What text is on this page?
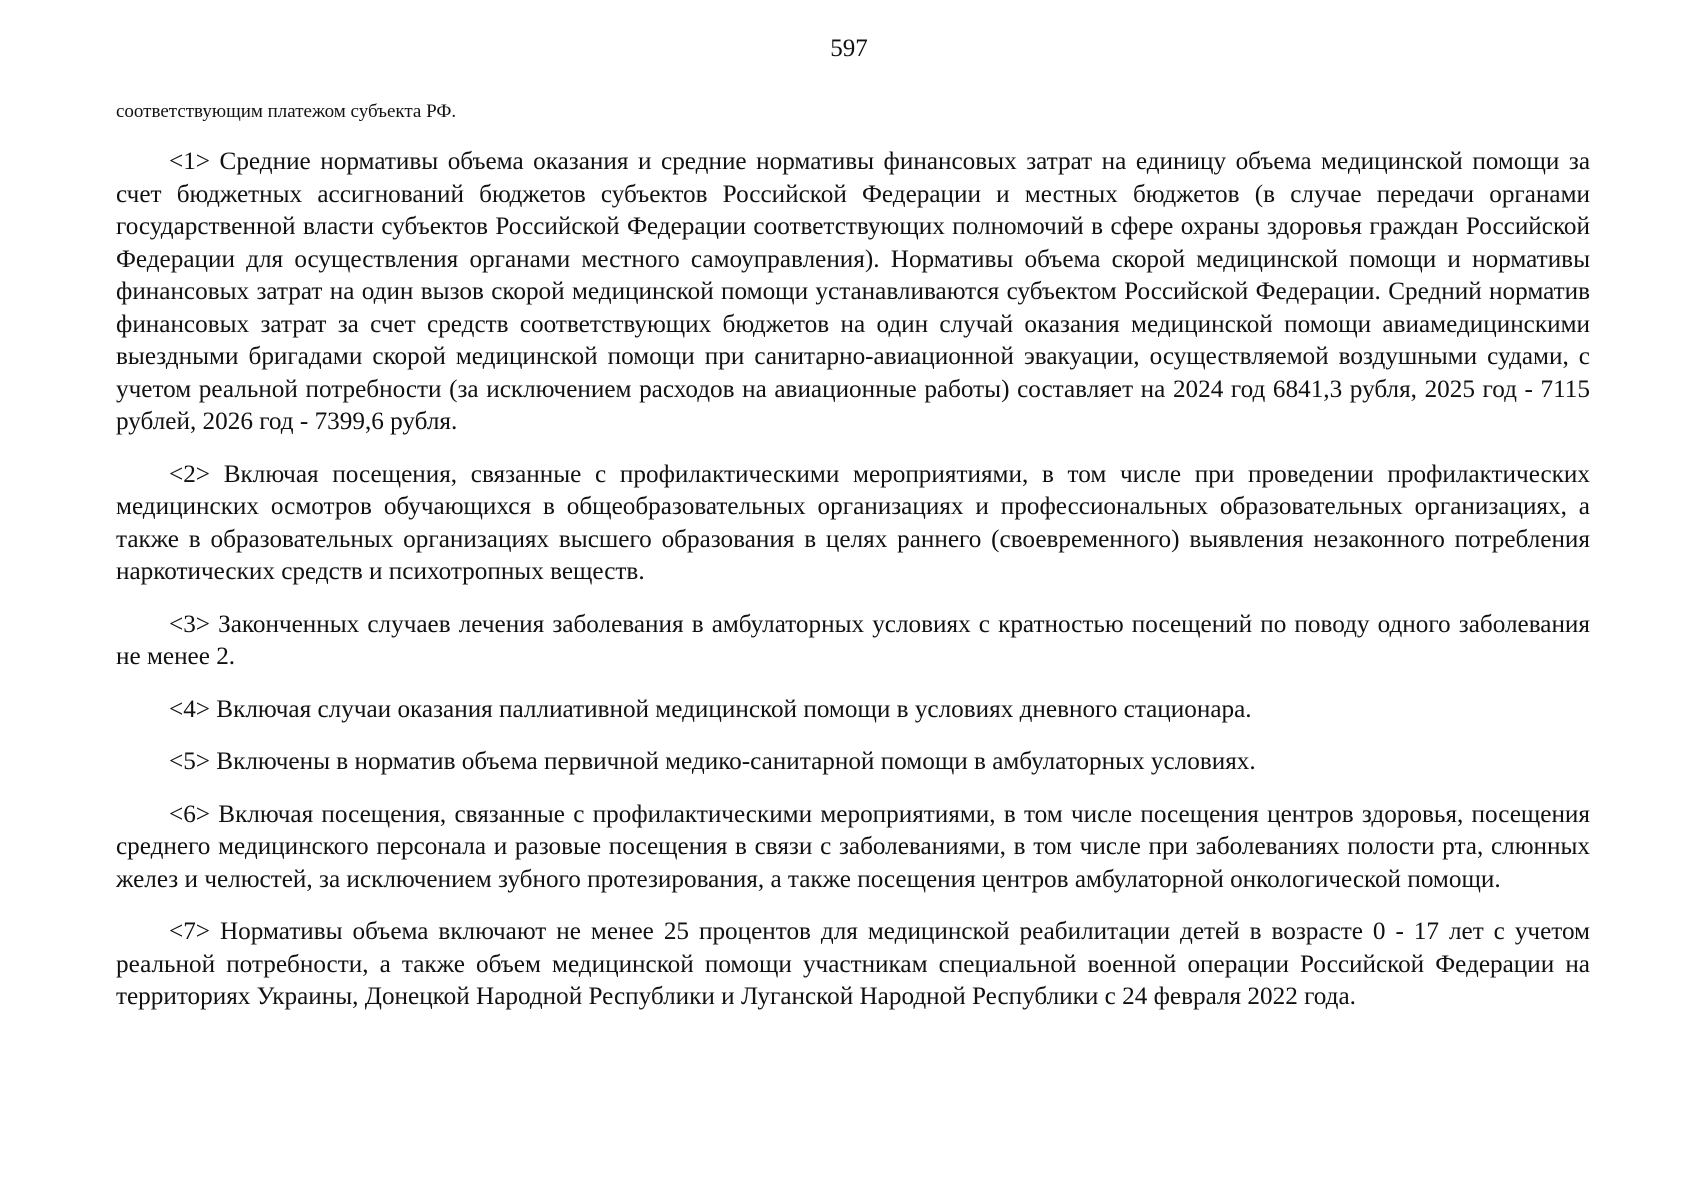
597

соответствующим платежом субъекта РФ.

<1> Средние нормативы объема оказания и средние нормативы финансовых затрат на единицу объема медицинской помощи за счет бюджетных ассигнований бюджетов субъектов Российской Федерации и местных бюджетов (в случае передачи органами государственной власти субъектов Российской Федерации соответствующих полномочий в сфере охраны здоровья граждан Российской Федерации для осуществления органами местного самоуправления). Нормативы объема скорой медицинской помощи и нормативы финансовых затрат на один вызов скорой медицинской помощи устанавливаются субъектом Российской Федерации. Средний норматив финансовых затрат за счет средств соответствующих бюджетов на один случай оказания медицинской помощи авиамедицинскими выездными бригадами скорой медицинской помощи при санитарно-авиационной эвакуации, осуществляемой воздушными судами, с учетом реальной потребности (за исключением расходов на авиационные работы) составляет на 2024 год 6841,3 рубля, 2025 год - 7115 рублей, 2026 год - 7399,6 рубля.

<2> Включая посещения, связанные с профилактическими мероприятиями, в том числе при проведении профилактических медицинских осмотров обучающихся в общеобразовательных организациях и профессиональных образовательных организациях, а также в образовательных организациях высшего образования в целях раннего (своевременного) выявления незаконного потребления наркотических средств и психотропных веществ.

<3> Законченных случаев лечения заболевания в амбулаторных условиях с кратностью посещений по поводу одного заболевания не менее 2.

<4> Включая случаи оказания паллиативной медицинской помощи в условиях дневного стационара.

<5> Включены в норматив объема первичной медико-санитарной помощи в амбулаторных условиях.

<6> Включая посещения, связанные с профилактическими мероприятиями, в том числе посещения центров здоровья, посещения среднего медицинского персонала и разовые посещения в связи с заболеваниями, в том числе при заболеваниях полости рта, слюнных желез и челюстей, за исключением зубного протезирования, а также посещения центров амбулаторной онкологической помощи.

<7> Нормативы объема включают не менее 25 процентов для медицинской реабилитации детей в возрасте 0 - 17 лет с учетом реальной потребности, а также объем медицинской помощи участникам специальной военной операции Российской Федерации на территориях Украины, Донецкой Народной Республики и Луганской Народной Республики с 24 февраля 2022 года.
